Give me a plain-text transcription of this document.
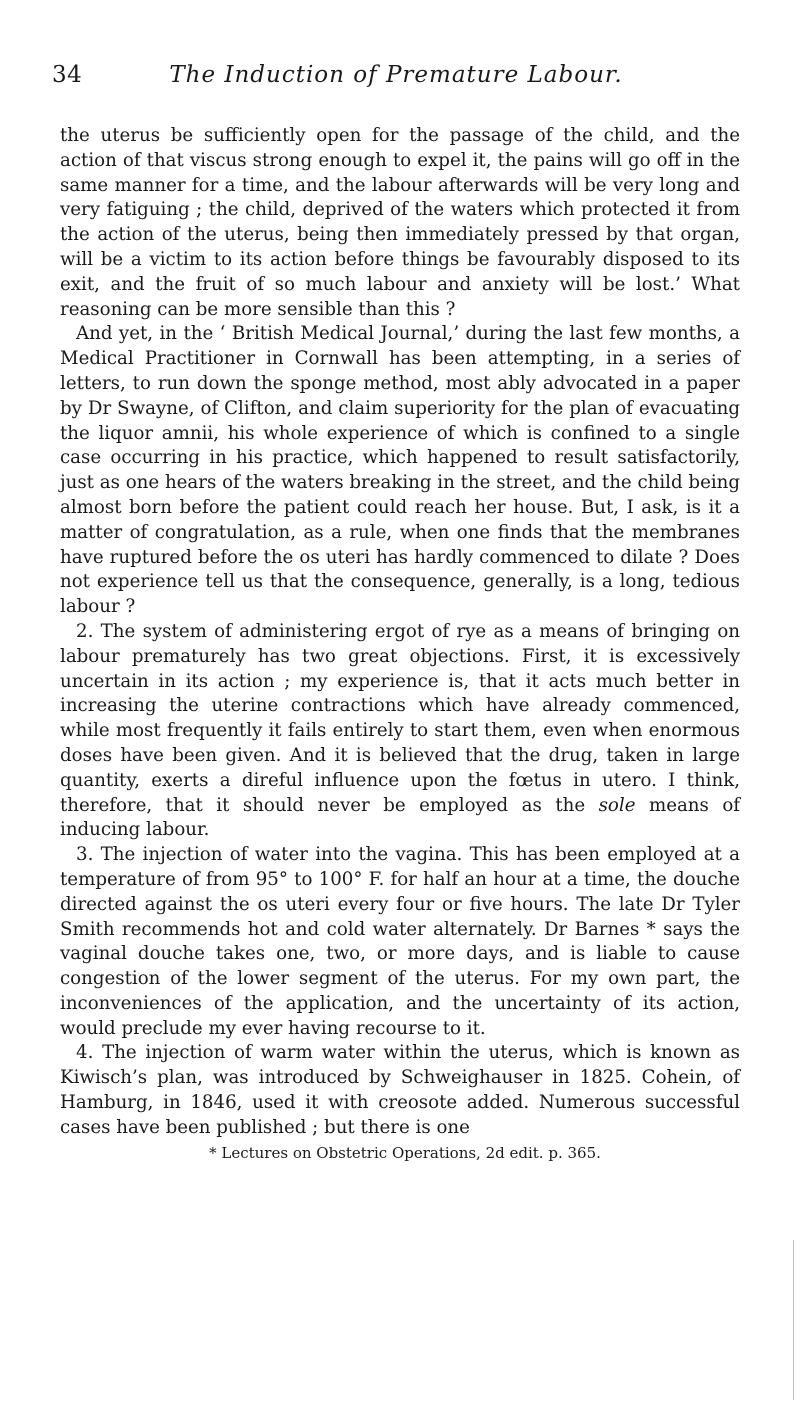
34	The Induction of Premature Labour.

the uterus be sufficiently open for the passage of the child, and the action of that viscus strong enough to expel it, the pains will go off in the same manner for a time, and the labour afterwards will be very long and very fatiguing ; the child, deprived of the waters which protected it from the action of the uterus, being then immediately pressed by that organ, will be a victim to its action before things be favourably disposed to its exit, and the fruit of so much labour and anxiety will be lost.’ What reasoning can be more sensible than this ?

And yet, in the ‘ British Medical Journal,’ during the last few months, a Medical Practitioner in Cornwall has been attempting, in a series of letters, to run down the sponge method, most ably advocated in a paper by Dr Swayne, of Clifton, and claim superiority for the plan of evacuating the liquor amnii, his whole experience of which is confined to a single case occurring in his practice, which happened to result satisfactorily, just as one hears of the waters breaking in the street, and the child being almost born before the patient could reach her house. But, I ask, is it a matter of congratulation, as a rule, when one finds that the membranes have ruptured before the os uteri has hardly commenced to dilate ? Does not experience tell us that the consequence, generally, is a long, tedious labour ?

2. The system of administering ergot of rye as a means of bringing on labour prematurely has two great objections. First, it is excessively uncertain in its action ; my experience is, that it acts much better in increasing the uterine contractions which have already commenced, while most frequently it fails entirely to start them, even when enormous doses have been given. And it is believed that the drug, taken in large quantity, exerts a direful influence upon the fœtus in utero. I think, therefore, that it should never be employed as the sole means of inducing labour.

3. The injection of water into the vagina. This has been employed at a temperature of from 95° to 100° F. for half an hour at a time, the douche directed against the os uteri every four or five hours. The late Dr Tyler Smith recommends hot and cold water alternately. Dr Barnes * says the vaginal douche takes one, two, or more days, and is liable to cause congestion of the lower segment of the uterus. For my own part, the inconveniences of the application, and the uncertainty of its action, would preclude my ever having recourse to it.

4. The injection of warm water within the uterus, which is known as Kiwisch’s plan, was introduced by Schweighauser in 1825. Cohein, of Hamburg, in 1846, used it with creosote added. Numerous successful cases have been published ; but there is one

* Lectures on Obstetric Operations, 2d edit. p. 365.
